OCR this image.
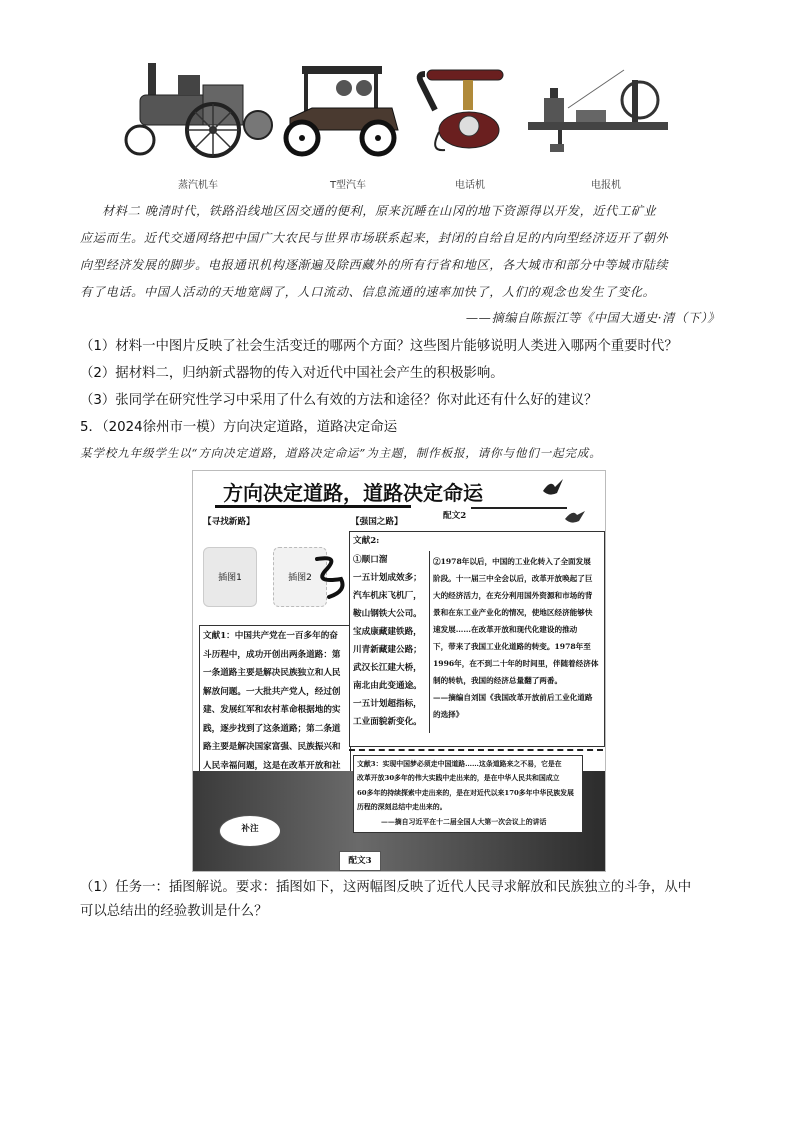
蒸汽机车	T型汽车	电话机	电报机
材料二 晚清时代，铁路沿线地区因交通的便利，原来沉睡在山冈的地下资源得以开发，近代工矿业
应运而生。近代交通网络把中国广大农民与世界市场联系起来，封闭的自给自足的内向型经济迈开了朝外
向型经济发展的脚步。电报通讯机构逐渐遍及除西藏外的所有行省和地区，各大城市和部分中等城市陆续
有了电话。中国人活动的天地宽阔了，人口流动、信息流通的速率加快了，人们的观念也发生了变化。
——摘编自陈振江等《中国大通史·清（下）》
（1）材料一中图片反映了社会生活变迁的哪两个方面？这些图片能够说明人类进入哪两个重要时代？
（2）据材料二，归纳新式器物的传入对近代中国社会产生的积极影响。
（3）张同学在研究性学习中采用了什么有效的方法和途径？你对此还有什么好的建议？
5．（2024徐州市一模）方向决定道路，道路决定命运
某学校九年级学生以“方向决定道路，道路决定命运”为主题，制作板报，请你与他们一起完成。
方向决定道路，道路决定命运
【寻找新路】	【强国之路】
配文2
插图1	插图2
文献1：中国共产党在一百多年的奋
斗历程中，成功开创出两条道路：第
一条道路主要是解决民族独立和人民
解放问题。一大批共产党人，经过创
建、发展红军和农村革命根据地的实
践，逐步找到了这条道路；第二条道
路主要是解决国家富强、民族振兴和
人民幸福问题，这是在改革开放和社
文献2:
①顺口溜
一五计划成效多；
汽车机床飞机厂，
鞍山钢铁大公司。
宝成康藏建铁路，
川青新藏建公路；
武汉长江建大桥，
南北由此变通途。
一五计划超指标，
工业面貌新变化。
②1978年以后，中国的工业化转入了全面发展
阶段。十一届三中全会以后，改革开放唤起了巨
大的经济活力，在充分利用国外资源和市场的背
景和在东工业产业化的情况，使地区经济能够快
速发展……在改革开放和现代化建设的推动
下，带来了我国工业化道路的转变。1978年至
1996年，在不到二十年的时间里，伴随着经济体
制的转轨，我国的经济总量翻了两番。
——摘编自刘国《我国改革开放前后工业化道路
的选择》
文献3：实现中国梦必须走中国道路……这条道路来之不易，它是在
改革开放30多年的伟大实践中走出来的，是在中华人民共和国成立
60多年的持续探索中走出来的，是在对近代以来170多年中华民族发展
历程的深刻总结中走出来的。
——摘自习近平在十二届全国人大第一次会议上的讲话
补注
配文3
（1）任务一：插图解说。要求：插图如下，这两幅图反映了近代人民寻求解放和民族独立的斗争，从中
可以总结出的经验教训是什么？
